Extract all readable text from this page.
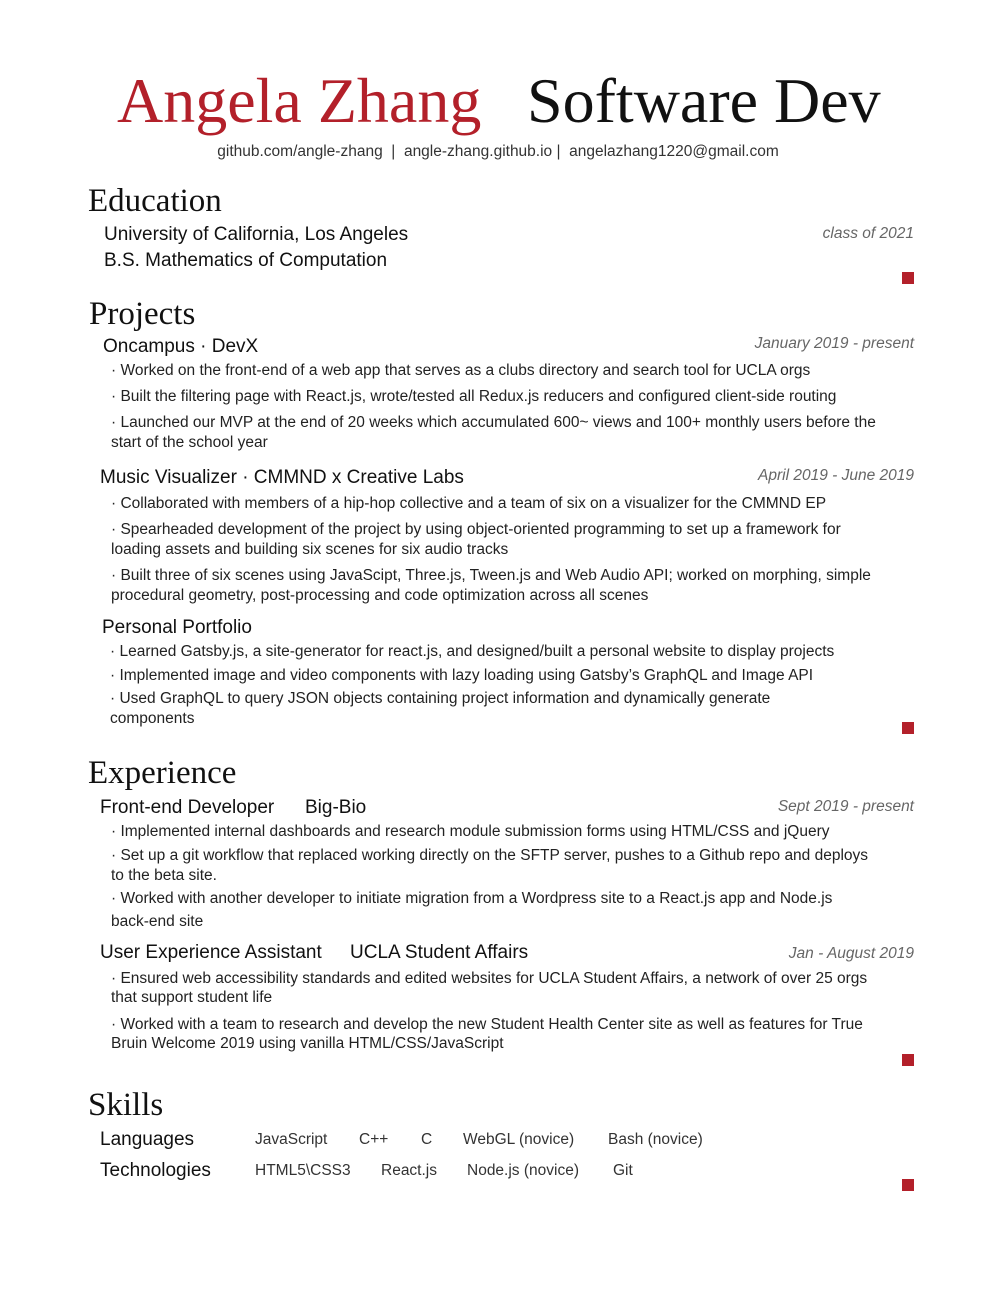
Angela Zhang Software Dev
github.com/angle-zhang  |  angle-zhang.github.io |  angelazhang1220@gmail.com
Education
University of California, Los Angeles	class of 2021
B.S. Mathematics of Computation
Projects
Oncampus · DevX	January 2019 - present
· Worked on the front-end of a web app that serves as a clubs directory and search tool for UCLA orgs
· Built the filtering page with React.js, wrote/tested all Redux.js reducers and configured client-side routing
· Launched our MVP at the end of 20 weeks which accumulated 600~ views and 100+ monthly users before the
start of the school year
Music Visualizer · CMMND x Creative Labs	April 2019 - June 2019
· Collaborated with members of a hip-hop collective and a team of six on a visualizer for the CMMND EP
· Spearheaded development of the project by using object-oriented programming to set up a framework for
loading assets and building six scenes for six audio tracks
· Built three of six scenes using JavaScipt, Three.js, Tween.js and Web Audio API; worked on morphing, simple
procedural geometry, post-processing and code optimization across all scenes
Personal Portfolio
· Learned Gatsby.js, a site-generator for react.js, and designed/built a personal website to display projects
· Implemented image and video components with lazy loading using Gatsby’s GraphQL and Image API
· Used GraphQL to query JSON objects containing project information and dynamically generate
components
Experience
Front-end Developer Big-Bio	Sept 2019 - present
· Implemented internal dashboards and research module submission forms using HTML/CSS and jQuery
· Set up a git workflow that replaced working directly on the SFTP server, pushes to a Github repo and deploys
to the beta site.
· Worked with another developer to initiate migration from a Wordpress site to a React.js app and Node.js
back-end site
User Experience Assistant UCLA Student Affairs	Jan - August 2019
· Ensured web accessibility standards and edited websites for UCLA Student Affairs, a network of over 25 orgs
that support student life
· Worked with a team to research and develop the new Student Health Center site as well as features for True
Bruin Welcome 2019 using vanilla HTML/CSS/JavaScript
Skills
Languages	JavaScript C++ C WebGL (novice) Bash (novice)
Technologies	HTML5\CSS3 React.js Node.js (novice) Git
